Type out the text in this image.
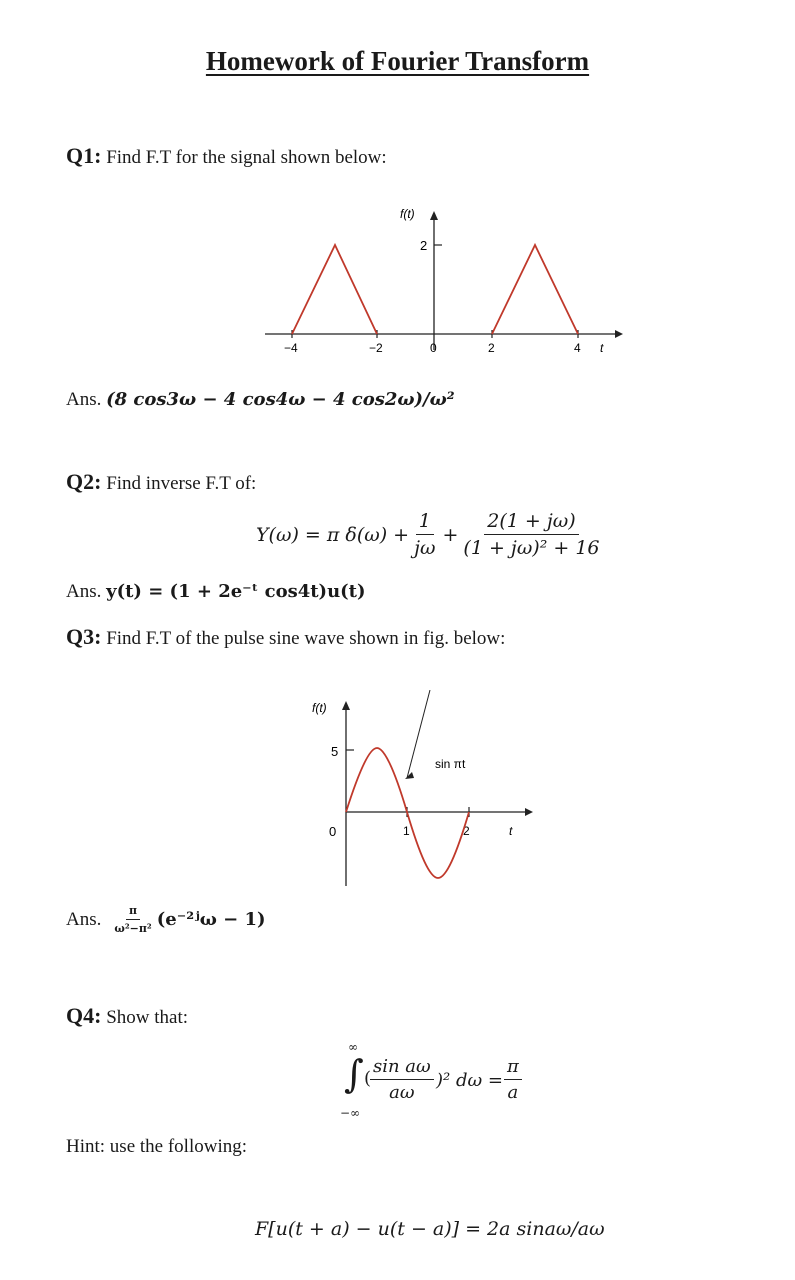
Homework of Fourier Transform
Q1: Find F.T for the signal shown below:
2
f(t)
−4	−2	0	2	4 t
Ans. (8 cos3ω − 4 cos4ω − 4 cos2ω)/ω²
Q2: Find inverse F.T of:
Y(ω) = π $\delta(\omega) + \frac{1}{j\omega} + \frac{2(1 + j\omega)}{\text{(1 + jω)² + 16}}$
Ans. y(t) = (1 + 2e⁻ᵗ cos4t)u(t)
Q3: Find F.T of the pulse sine wave shown in fig. below:
5
f(t)
0	1	2	t
sin πt
Ans. $\frac{\pi}{\text{ω²−π²}}$ (e⁻²ʲω − 1)
Q4: Show that:
∞
∫
−∞
(
$\frac{\text{sin aω}}{a\omega} )^2$ $d\omega = \frac{\pi}{a}$
Hint: use the following:
F[u(t + a) − u(t − a)] = 2a sinaω/aω
